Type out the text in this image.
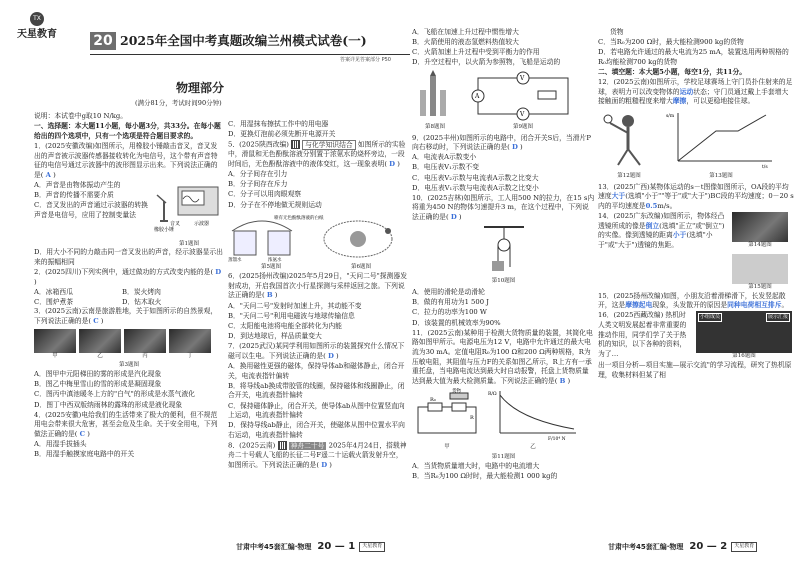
TX
天星教育	20 2025年全国中考真题改编兰州模式试卷(一)
答案详见答案部分 P50
物理部分
(满分81分，考试时间90分钟)

说明：本试卷中g取10 N/kg。

一、选择题：本大题11小题，每小题3分，共33分。在每小题给出的四个选项中，只有一个选项是符合题目要求的。

1．(2025安徽改编)如图所示，用橡胶小锤敲击音叉，音叉发出的声音被示波器传感器接收转化为电信号，这个带有声音特征的电信号通过示波器中的波形图显示出来。下列说法正确的是( A )

A．声音是由物体振动产生的

B．声音的传播不需要介质

C．音叉发出的声音通过示波器的转换声音是电信号，应用了控制变量法

示波器
橡胶小锤
音叉
第1题图

D．用大小不同的力敲击同一音叉发出的声音，经示波器显示出来的振幅相同

2．(2025四川)下列实例中，通过做功的方式改变内能的是( D )

A．冰箱西瓜	B．炭火烤肉
C．围炉煮茶	D．钻木取火

3．(2025云南)云南是旅游胜地，关于如图所示的自然景观，下列说法正确的是( C )

甲	乙	丙	丁
第3题图

A．图甲中元阳梯田的雾的形成是汽化现象

B．图乙中梅里雪山的雪的形成是凝固现象

C．图丙中滇池暖冬上方的"白气"的形成是水蒸气液化

D．图丁中西双版纳雨林的露珠的形成是液化现象

4．(2025安徽)电给我们的生活带来了极大的便利，但不规范用电会带来很大危害，甚至会危及生命。关于安全用电，下列做法正确的是( C )

A．用湿手拔插头

B．用湿手触摸家庭电路中的开关

C．用湿抹布擦拭工作中的用电器

D．更换灯泡前必须先断开电源开关

5．(2025陕西改编) 与化学知识结合 如图所示的实验中，滑鼠和无色酚酞溶液分别置于浓氨水的烧杯旁边，一段时间后，无色酚酞溶液中的液体变红，这一现象表明( D )

A．分子间存在引力

B．分子间存在斥力

C．分子可以用肉眼观察

D．分子在不停地做无规则运动

喷有无色酚酞溶液的白纸
浓氨水
蒸馏水
第5题图	第6题图

6．(2025扬州改编)2025年5月29日，"天问二号"探测器发射成功，开启我国首次小行星探测与采样返回之旅。下列说法正确的是( B )

A．"天问二号"发射时加速上升，其动能不变

B．"天问二号"利用电磁波与地球传输信息

C．太阳能电池将电能全部转化为内能

D．到达地球后，样品质量变大

7．(2025武汉)某同学利用如图所示的装置探究什么情况下磁可以生电。下列说法正确的是( D )

A．换用磁性更强的磁体，保持导体ab和磁体静止，闭合开关，电流表指针偏转

B．将导线ab换成带胶管的线圈，保持磁体和线圈静止，闭合开关，电流表指针偏转

C．保持磁体静止，闭合开关，使导体ab从图中位置竖直向上运动，电流表指针偏转

D．保持导线ab静止，闭合开关，使磁体从图中位置水平向右运动，电流表指针偏转

8．(2025云南) 神舟二十号 2025年4月24日，搭载神舟二十号载人飞船的长征二号F遥二十运载火箭发射升空，如图所示。下列说法正确的是( D )

A．飞船在加速上升过程中惯性增大

B．火箭使用的液态氢燃料热值较大

C．火箭加速上升过程中受到平衡力的作用

D．升空过程中，以火箭为参照物，飞船是运动的

第8题图
A
V
V
第9题图

9．(2025丰州)如图所示的电路中，闭合开关S后，当滑片P向右移动时，下列说法正确的是( D )

A．电流表A示数变小

B．电压表V₁示数不变

C．电压表V₂示数与电流表A示数之比变大

D．电压表V₁示数与电流表A示数之比变小

10．(2025吉林)如图所示，工人用500 N的拉力，在15 s内将重为450 N的物体匀速提升3 m，在这个过程中，下列说法正确的是( D )

第10题图

A．使用的滑轮是动滑轮

B．做的有用功为1 500 J

C．拉力的功率为100 W

D．该装置的机械效率为90%

11．(2025云南)某种用于检测大货物质量的装置，其简化电路如图甲所示。电源电压为12 V，电路中允许通过的最大电流为30 mA。定值电阻R₀为100 Ω和200 Ω两种规格，R为压敏电阻，其阻值与压力F的关系如图乙所示，R上方有一承重托盘，当电路电流达到最大时自动报警，托盘上货物质量达到最大值为最大检测质量。下列说法正确的是( B )

R₀
R
货物
甲
R/Ω
F/10⁴ N
乙
第11题图

A．当货物质量增大时，电路中的电流增大

B．当R₀为100 Ω时时，最大能检测1 000 kg的

货物

C．当R₀为200 Ω时，最大能检测900 kg的货物

D．若电路允许通过的最大电流为25 mA，装置选用两种规格的R₀均能检测700 kg的货物

二、填空题：本大题5小题，每空1分，共11分。

12．(2025云南)如图所示，学校足球赛场上守门员扑住射来的足球，表明力可以改变物体的运动状态；守门员通过戴上手套增大接触面的粗糙程度来增大摩擦，可以更稳地接住球。

第12题图
s/m
t/s
第13题图

13．(2025广西)某物体运动的s－t图像如图所示，OA段的平均速度大于(选填"小于""等于"或"大于")BC段的平均速度；0－20 s内的平均速度是0.5m/s。

14．(2025广东改编)如图所示，物体经凸透镜所成的像是倒立(选填"正立"或"倒立")的实像。像到透镜的距离小于(选填"小于"或"大于")透镜的焦距。	第14题图
第15题图

15．(2025扬州改编)如图，小朋友沿着滑梯滑下，长发竖起散开，这是摩擦起电现象，头发散开的原因是同种电荷相互排斥。

16．(2025西藏改编) 热机时人类文明发展起着非常重要的推动作用，同学们学了关于热机的知识，以下各种的资料，为了…

小组成员	展示汇报
第16题图

出一项目分析—项目实施—展示交流"的学习流程，研究了热机原理，收集材料但某了相

甘肃中考45套汇编·物理 20 — 1 天星教育	甘肃中考45套汇编·物理 20 — 2 天星教育
